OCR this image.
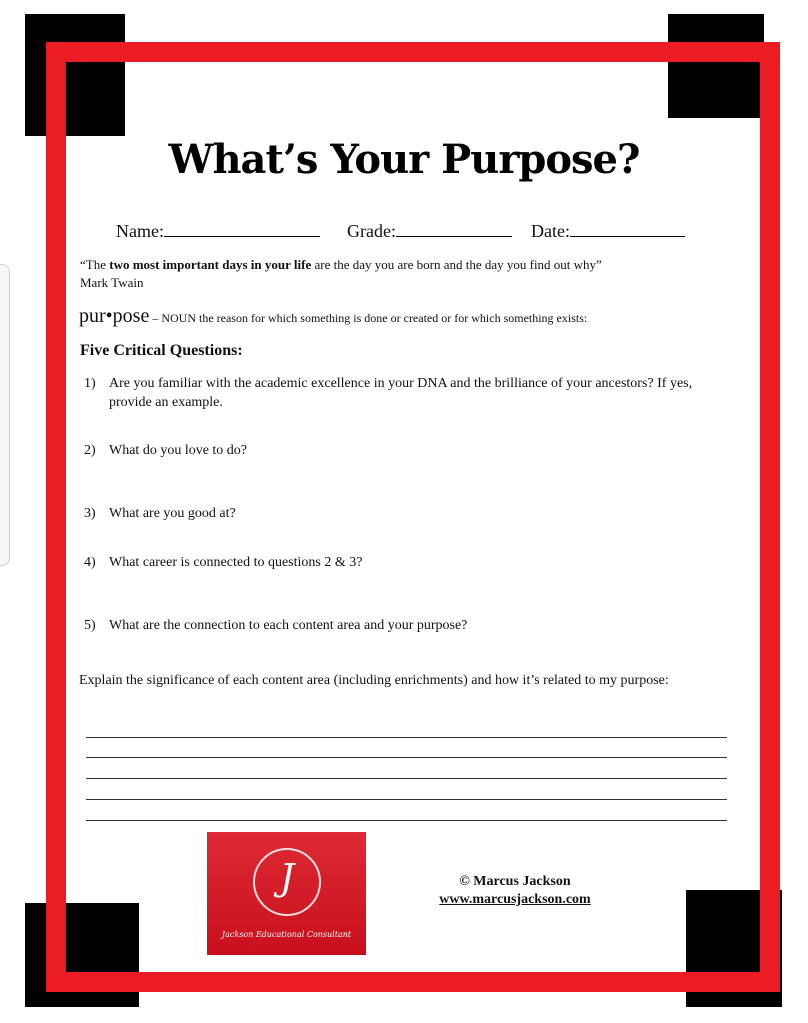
What’s Your Purpose?
Name:	Grade:	Date:
“The two most important days in your life are the day you are born and the day you find out why”
Mark Twain
pur•pose – NOUN the reason for which something is done or created or for which something exists:
Five Critical Questions:
1) Are you familiar with the academic excellence in your DNA and the brilliance of your ancestors? If yes, provide an example.
2) What do you love to do?
3) What are you good at?
4) What career is connected to questions 2 & 3?
5) What are the connection to each content area and your purpose?
Explain the significance of each content area (including enrichments) and how it’s related to my purpose:
J
Jackson Educational Consultant
© Marcus Jackson
www.marcusjackson.com
